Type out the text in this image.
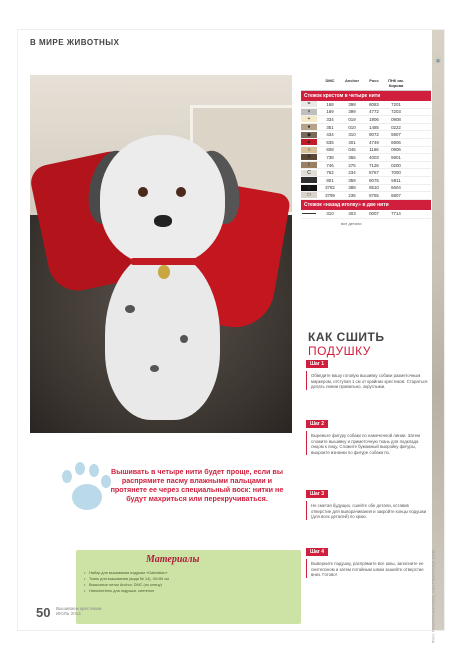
В МИРЕ ЖИВОТНЫХ
✶
Фото: PHOTOSHOOTERS, SHUTTERSTOCK.COM
DMC	Anchor	Росс	ПНК им. Кирова
Стежок крестом в четыре нити
=	168	398	8083	7201
×	169	399	4772	7203
+	334	019	1906	0908
●	351	010	1485	0222
◆	434	310	8072	5907
▲	535	401	4749	6906
○	608	046	1166	0906
A	738	366	4003	5901
I	746	275	7126	0200
C	762	234	8767	7000
◇	801	359	8075	5911
■	3782	388	8510	6604
□	3799	236	8755	6807
Стежок «назад иголку» в две нити
310	403	0007	7714
все детали
КАК СШИТЬ
ПОДУШКУ
Шаг 1
Обведите вашу готовую вышивку собаки разметочным маркером, отступая 1 см от крайних крестиков. Стараться делать линии правильно, округлыми.
Шаг 2
Вырежьте фигуру собаки по намеченной линии. Затем сложите вышивку и приметочную ткань для подклада лицом к лицу. Сложите бумажный выкройку фигуры, выкроите изнанки по фигуре собаки по.
Шаг 3
Не сметая будущих, сшейте обе детали, оставив отверстие для выворачивания и закройте концы подушки (для всех деталей) по краю.
Шаг 4
Выверните подушку, распрямите все швы, заполните ее синтепоном и затем потайным швом зашейте отверстие вниз. Готово!
Вышивать в четыре нити будет проще, если вы распрямите пасму влажными пальцами и протянете ее через специальный воск: нитки не будут махриться или перекручиваться.
Материалы
• Набор для вышивания подушки «Dalmatian»
• Ткань для вышивания (аида № 14), 40×55 см
• Вискозные нитки Anchor, DMC (по ключу)
• Наполнитель для подушки, синтепон
50 Вышиваем крестиком
ИЮЛЬ 2014
